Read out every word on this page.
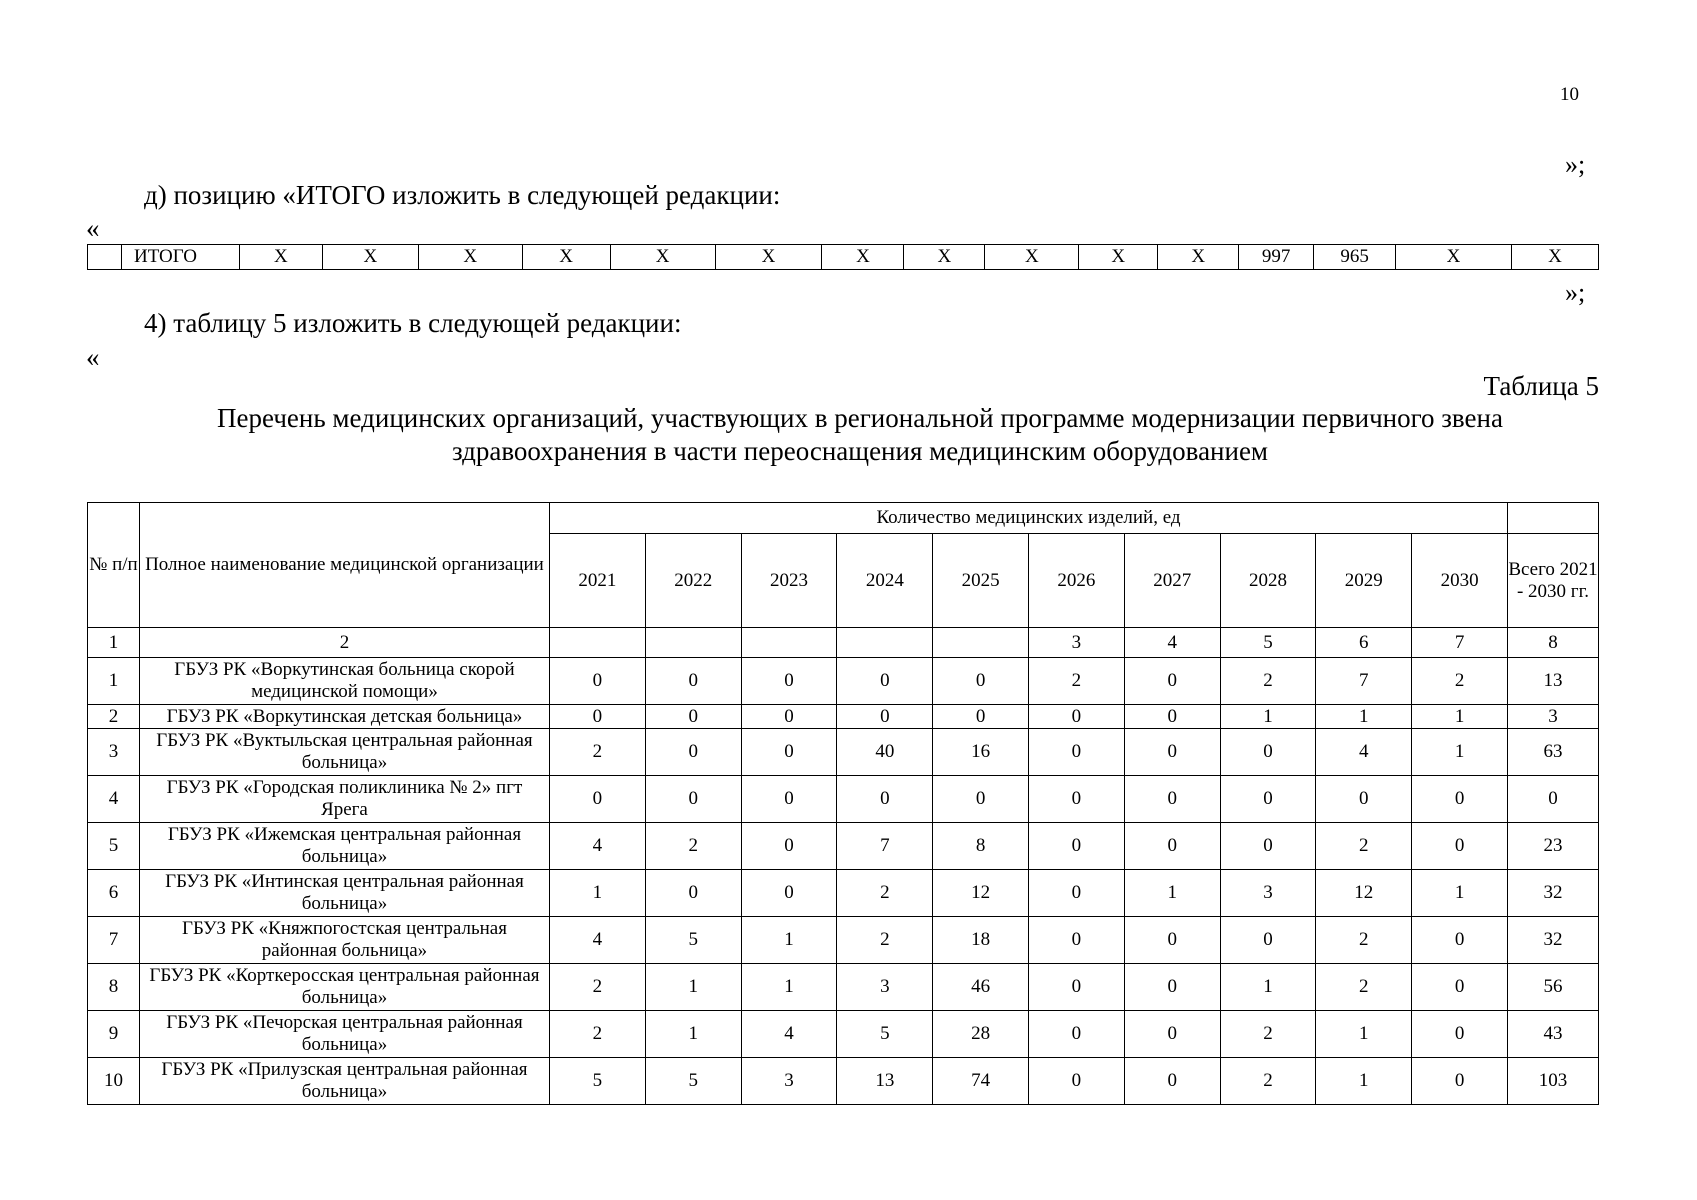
10
»;
д) позицию «ИТОГО изложить в следующей редакции:
«
	ИТОГО	Х	Х	Х	Х	Х	Х	Х	Х	Х	Х	Х	997	965	Х	Х
»;
4) таблицу 5 изложить в следующей редакции:
«
Таблица 5
Перечень медицинских организаций, участвующих в региональной программе модернизации первичного звена
здравоохранения в части переоснащения медицинским оборудованием
№ п/п	Полное наименование медицинской организации	Количество медицинских изделий, ед										
		2021	2022	2023	2024	2025	2026	2027	2028	2029	2030	Всего 2021 - 2030 гг.
1	2						3	4	5	6	7	8
1	ГБУЗ РК «Воркутинская больница скорой медицинской помощи»	0	0	0	0	0	2	0	2	7	2	13
2	ГБУЗ РК «Воркутинская детская больница»	0	0	0	0	0	0	0	1	1	1	3
3	ГБУЗ РК «Вуктыльская центральная районная больница»	2	0	0	40	16	0	0	0	4	1	63
4	ГБУЗ РК «Городская поликлиника № 2» пгт Ярега	0	0	0	0	0	0	0	0	0	0	0
5	ГБУЗ РК «Ижемская центральная районная больница»	4	2	0	7	8	0	0	0	2	0	23
6	ГБУЗ РК «Интинская центральная районная больница»	1	0	0	2	12	0	1	3	12	1	32
7	ГБУЗ РК «Княжпогостская центральная районная больница»	4	5	1	2	18	0	0	0	2	0	32
8	ГБУЗ РК «Корткеросская центральная районная больница»	2	1	1	3	46	0	0	1	2	0	56
9	ГБУЗ РК «Печорская центральная районная больница»	2	1	4	5	28	0	0	2	1	0	43
10	ГБУЗ РК «Прилузская центральная районная больница»	5	5	3	13	74	0	0	2	1	0	103
